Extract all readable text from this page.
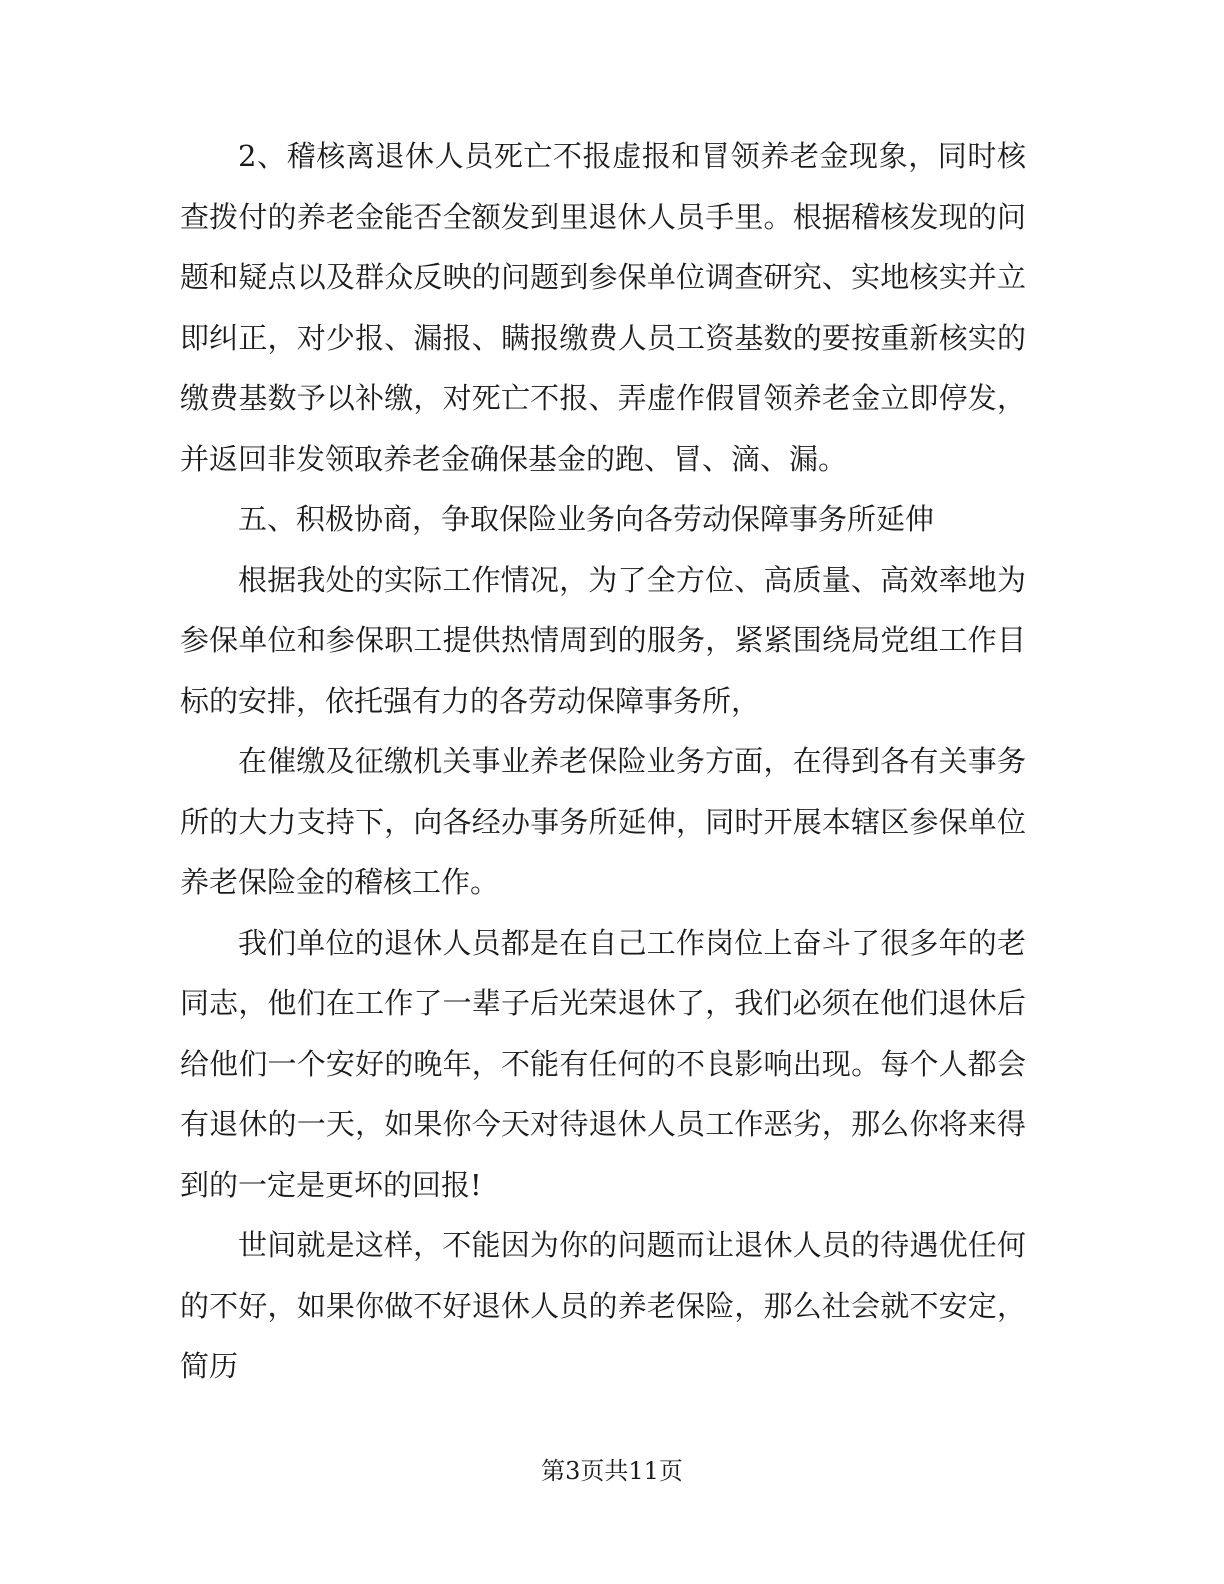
2、稽核离退休人员死亡不报虚报和冒领养老金现象，同时核查拨付的养老金能否全额发到里退休人员手里。根据稽核发现的问题和疑点以及群众反映的问题到参保单位调查研究、实地核实并立即纠正，对少报、漏报、瞒报缴费人员工资基数的要按重新核实的缴费基数予以补缴，对死亡不报、弄虚作假冒领养老金立即停发，并返回非发领取养老金确保基金的跑、冒、滴、漏。

五、积极协商，争取保险业务向各劳动保障事务所延伸

根据我处的实际工作情况，为了全方位、高质量、高效率地为参保单位和参保职工提供热情周到的服务，紧紧围绕局党组工作目标的安排，依托强有力的各劳动保障事务所，

在催缴及征缴机关事业养老保险业务方面，在得到各有关事务所的大力支持下，向各经办事务所延伸，同时开展本辖区参保单位养老保险金的稽核工作。

我们单位的退休人员都是在自己工作岗位上奋斗了很多年的老同志，他们在工作了一辈子后光荣退休了，我们必须在他们退休后给他们一个安好的晚年，不能有任何的不良影响出现。每个人都会有退休的一天，如果你今天对待退休人员工作恶劣，那么你将来得到的一定是更坏的回报!

世间就是这样，不能因为你的问题而让退休人员的待遇优任何的不好，如果你做不好退休人员的养老保险，那么社会就不安定，简历

第3页共11页
